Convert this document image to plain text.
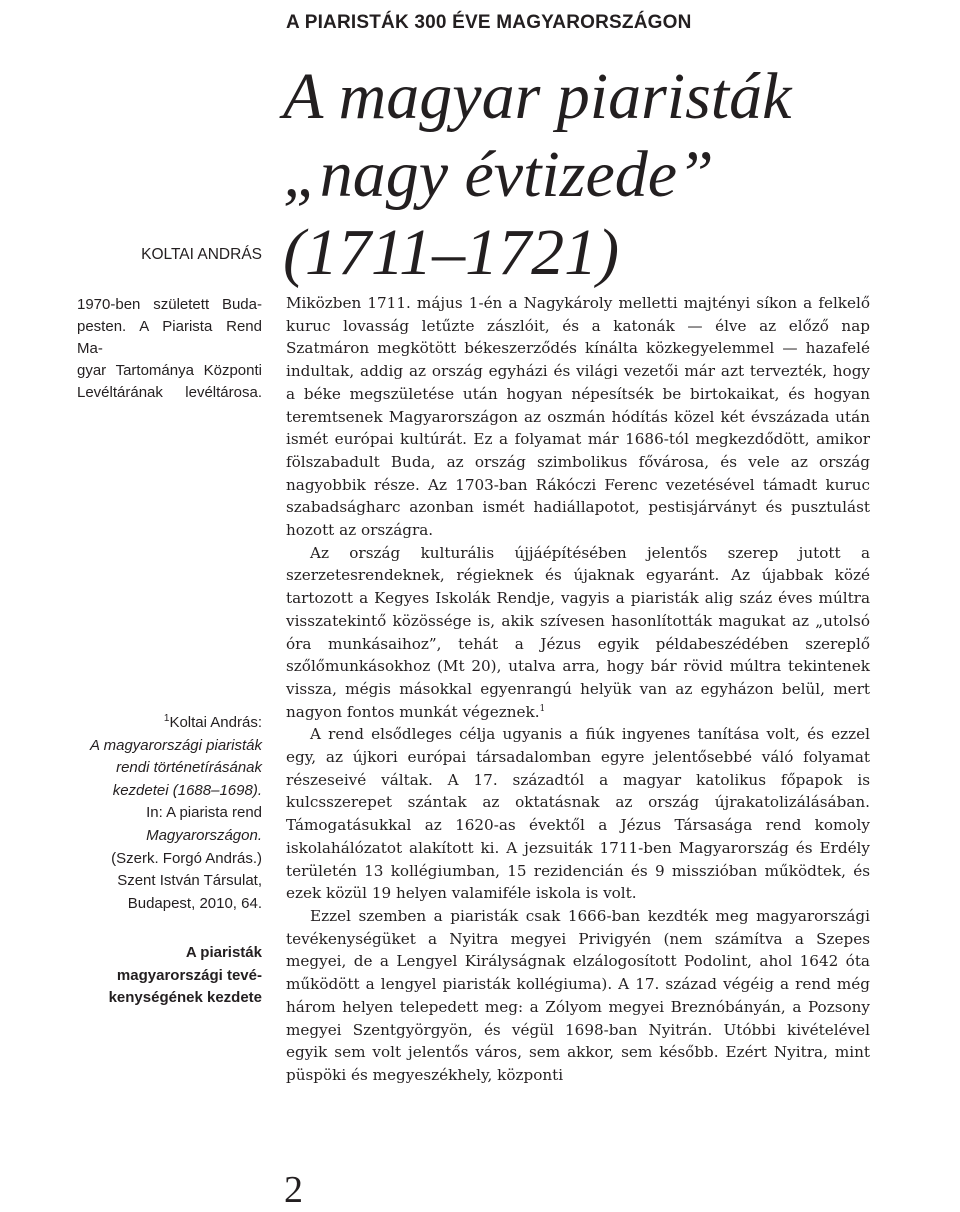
A PIARISTÁK 300 ÉVE MAGYARORSZÁGON
A magyar piaristák
„nagy évtizede”
(1711–1721)
KOLTAI ANDRÁS
1970-ben született Buda-
pesten. A Piarista Rend Ma-
gyar Tartománya Központi
Levéltárának levéltárosa.
$^1$Koltai András:
A magyarországi piaristák
rendi történetírásának
kezdetei (1688–1698).
In: A piarista rend
Magyarországon.
(Szerk. Forgó András.)
Szent István Társulat,
Budapest, 2010, 64.
A piaristák
magyarországi tevé-
kenységének kezdete

Miközben 1711. május 1-én a Nagykároly melletti majtényi síkon a felkelő kuruc lovasság letűzte zászlóit, és a katonák — élve az előző nap Szatmáron megkötött békeszerződés kínálta közkegyelemmel — hazafelé indultak, addig az ország egyházi és világi vezetői már azt tervezték, hogy a béke megszületése után hogyan népesítsék be birtokaikat, és hogyan teremtsenek Magyarországon az oszmán hódítás közel két évszázada után ismét európai kultúrát. Ez a folyamat már 1686-tól megkezdődött, amikor fölszabadult Buda, az ország szimbolikus fővárosa, és vele az ország nagyobbik része. Az 1703-ban Rákóczi Ferenc vezetésével támadt kuruc szabadságharc azonban ismét hadiállapotot, pestisjárványt és pusztulást hozott az országra.

Az ország kulturális újjáépítésében jelentős szerep jutott a szerzetesrendeknek, régieknek és újaknak egyaránt. Az újabbak közé tartozott a Kegyes Iskolák Rendje, vagyis a piaristák alig száz éves múltra visszatekintő közössége is, akik szívesen hasonlították magukat az „utolsó óra munkásaihoz”, tehát a Jézus egyik példabeszédében szereplő szőlőmunkásokhoz (Mt 20), utalva arra, hogy bár rövid múltra tekintenek vissza, mégis másokkal egyenrangú helyük van az egyházon belül, mert nagyon fontos munkát végeznek.$^1$

A rend elsődleges célja ugyanis a fiúk ingyenes tanítása volt, és ezzel egy, az újkori európai társadalomban egyre jelentősebbé váló folyamat részeseivé váltak. A 17. századtól a magyar katolikus főpapok is kulcsszerepet szántak az oktatásnak az ország újrakatolizálásában. Támogatásukkal az 1620-as évektől a Jézus Társasága rend komoly iskolahálózatot alakított ki. A jezsuiták 1711-ben Magyarország és Erdély területén 13 kollégiumban, 15 rezidencián és 9 misszióban működtek, és ezek közül 19 helyen valamiféle iskola is volt.

Ezzel szemben a piaristák csak 1666-ban kezdték meg magyarországi tevékenységüket a Nyitra megyei Privigyén (nem számítva a Szepes megyei, de a Lengyel Királyságnak elzálogosított Podolint, ahol 1642 óta működött a lengyel piaristák kollégiuma). A 17. század végéig a rend még három helyen telepedett meg: a Zólyom megyei Breznóbányán, a Pozsony megyei Szentgyörgyön, és végül 1698-ban Nyitrán. Utóbbi kivételével egyik sem volt jelentős város, sem akkor, sem később. Ezért Nyitra, mint püspöki és megyeszékhely, központi

2
